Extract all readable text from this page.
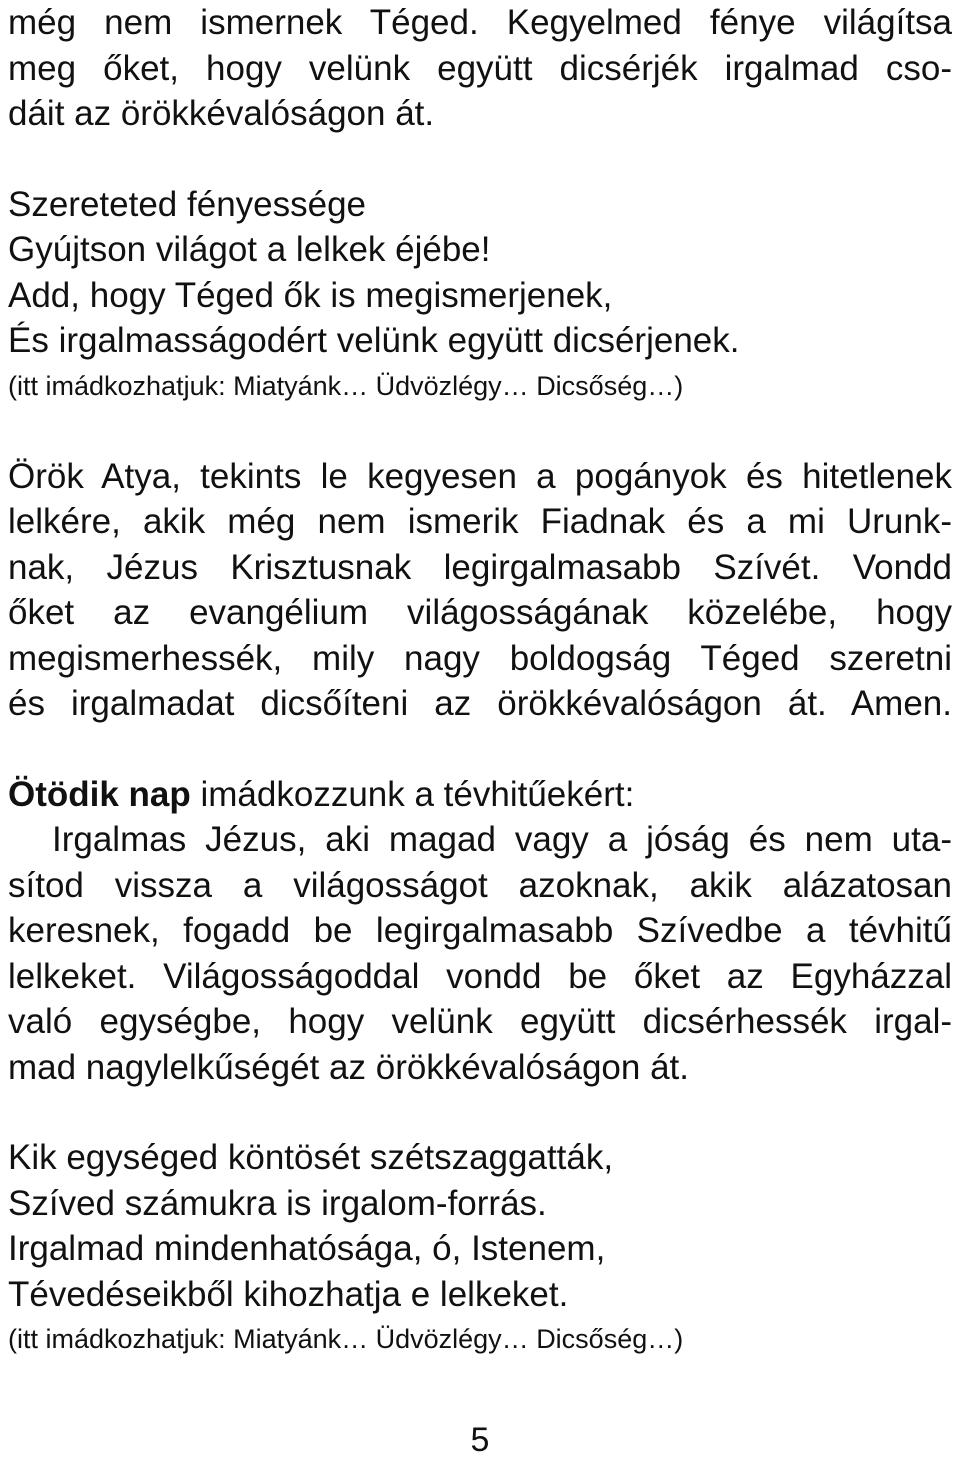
még nem ismernek Téged. Kegyelmed fénye világítsa
meg őket, hogy velünk együtt dicsérjék irgalmad cso-
dáit az örökkévalóságon át.
Szereteted fényessége
Gyújtson világot a lelkek éjébe!
Add, hogy Téged ők is megismerjenek,
És irgalmasságodért velünk együtt dicsérjenek.
(itt imádkozhatjuk: Miatyánk… Üdvözlégy… Dicsőség…)
Örök Atya, tekints le kegyesen a pogányok és hitetlenek
lelkére, akik még nem ismerik Fiadnak és a mi Urunk-
nak, Jézus Krisztusnak legirgalmasabb Szívét. Vondd
őket az evangélium világosságának közelébe, hogy
megismerhessék, mily nagy boldogság Téged szeretni
és irgalmadat dicsőíteni az örökkévalóságon át. Amen.
Ötödik nap imádkozzunk a tévhitűekért:
Irgalmas Jézus, aki magad vagy a jóság és nem uta-
sítod vissza a világosságot azoknak, akik alázatosan
keresnek, fogadd be legirgalmasabb Szívedbe a tévhitű
lelkeket. Világosságoddal vondd be őket az Egyházzal
való egységbe, hogy velünk együtt dicsérhessék irgal-
mad nagylelkűségét az örökkévalóságon át.
Kik egységed köntösét szétszaggatták,
Szíved számukra is irgalom-forrás.
Irgalmad mindenhatósága, ó, Istenem,
Tévedéseikből kihozhatja e lelkeket.
(itt imádkozhatjuk: Miatyánk… Üdvözlégy… Dicsőség…)
5
